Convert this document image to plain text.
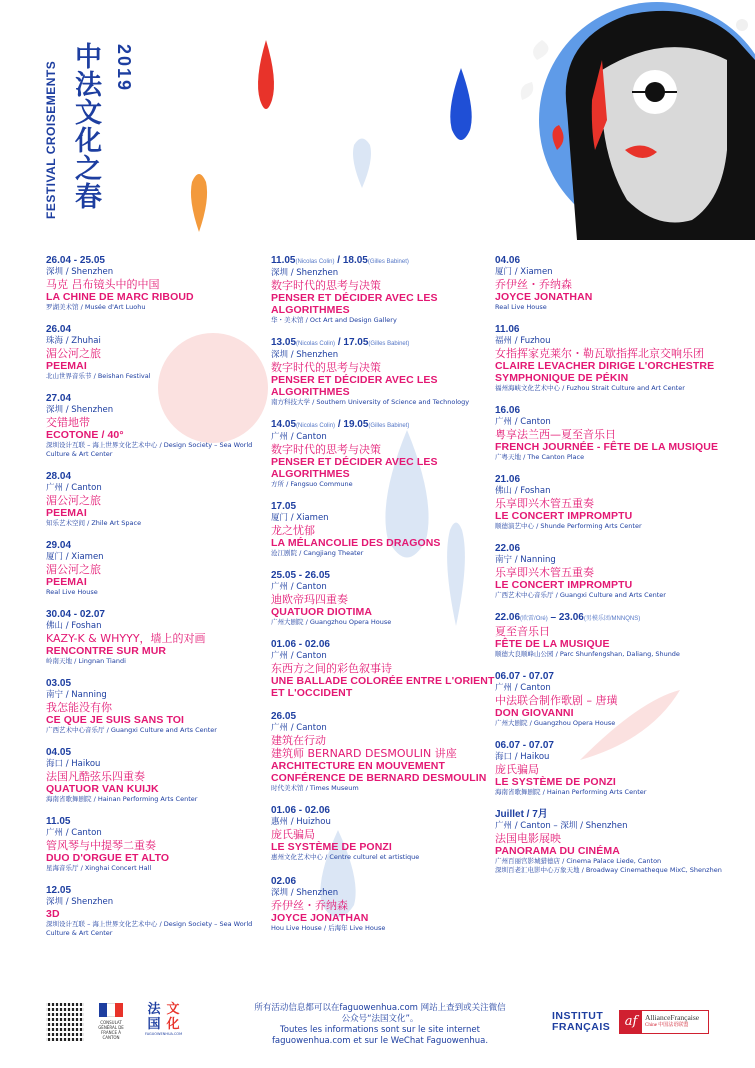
FESTIVAL CROISEMENTS 中法文化之春 2019
26.04 - 25.05
深圳 / Shenzhen
马克 吕布镜头中的中国
LA CHINE DE MARC RIBOUD
罗湖美术馆 / Musée d'Art Luohu
26.04
珠海 / Zhuhai
湄公河之旅
PEEMAI
北山世界音乐节 / Beishan Festival
27.04
深圳 / Shenzhen
交错地带
ECOTONE / 40°
深圳设计互联 – 海上世界文化艺术中心 / Design Society – Sea World Culture & Art Center
28.04
广州 / Canton
湄公河之旅
PEEMAI
知乐艺术空间 / Zhile Art Space
29.04
厦门 / Xiamen
湄公河之旅
PEEMAI
Real Live House
30.04 - 02.07
佛山 / Foshan
KAZY-K & WHYYY，墙上的对画
RENCONTRE SUR MUR
岭南天地 / Lingnan Tiandi
03.05
南宁 / Nanning
我怎能没有你
CE QUE JE SUIS SANS TOI
广西艺术中心音乐厅 / Guangxi Culture and Arts Center
04.05
海口 / Haikou
法国凡酷弦乐四重奏
QUATUOR VAN KUIJK
海南省歌舞剧院 / Hainan Performing Arts Center
11.05
广州 / Canton
管风琴与中提琴二重奏
DUO D'ORGUE ET ALTO
星海音乐厅 / Xinghai Concert Hall
12.05
深圳 / Shenzhen
3D
深圳设计互联 – 海上世界文化艺术中心 / Design Society – Sea World Culture & Art Center
11.05(Nicolas Colin) / 18.05(Gilles Babinet)
深圳 / Shenzhen
数字时代的思考与决策
PENSER ET DÉCIDER AVEC LES ALGORITHMES
华・美术馆 / Oct Art and Design Gallery
13.05(Nicolas Colin) / 17.05(Gilles Babinet)
深圳 / Shenzhen
数字时代的思考与决策
PENSER ET DÉCIDER AVEC LES ALGORITHMES
南方科技大学 / Southern University of Science and Technology
14.05(Nicolas Colin) / 19.05(Gilles Babinet)
广州 / Canton
数字时代的思考与决策
PENSER ET DÉCIDER AVEC LES ALGORITHMES
方所 / Fangsuo Commune
17.05
厦门 / Xiamen
龙之忧郁
LA MÉLANCOLIE DES DRAGONS
沧江剧院 / Cangjiang Theater
25.05 - 26.05
广州 / Canton
迪欧帝玛四重奏
QUATUOR DIOTIMA
广州大剧院 / Guangzhou Opera House
01.06 - 02.06
广州 / Canton
东西方之间的彩色叙事诗
UNE BALLADE COLORÉE ENTRE L'ORIENT ET L'OCCIDENT
26.05
广州 / Canton
建筑在行动
建筑师 BERNARD DESMOULIN 讲座
ARCHITECTURE EN MOUVEMENT
CONFÉRENCE DE BERNARD DESMOULIN
时代美术馆 / Times Museum
01.06 - 02.06
惠州 / Huizhou
庞氏骗局
LE SYSTÈME DE PONZI
惠州文化艺术中心 / Centre culturel et artistique
02.06
深圳 / Shenzhen
乔伊丝・乔纳森
JOYCE JONATHAN
Hou Live House / 后海年 Live House
04.06
厦门 / Xiamen
乔伊丝・乔纳森
JOYCE JONATHAN
Real Live House
11.06
福州 / Fuzhou
女指挥家克莱尔・勒瓦歇指挥北京交响乐团
CLAIRE LEVACHER DIRIGE L'ORCHESTRE SYMPHONIQUE DE PÉKIN
福州海峡文化艺术中心 / Fuzhou Strait Culture and Art Center
16.06
广州 / Canton
粤享法兰西—夏至音乐日
FRENCH JOURNÉE - FÊTE DE LA MUSIQUE
广粤天地 / The Canton Place
21.06
佛山 / Foshan
乐享即兴木管五重奏
LE CONCERT IMPROMPTU
顺德演艺中心 / Shunde Performing Arts Center
22.06
南宁 / Nanning
乐享即兴木管五重奏
LE CONCERT IMPROMPTU
广西艺术中心音乐厅 / Guangxi Culture and Arts Center
22.06(欧雷/Oré) – 23.06(男模乐团/MNNQNS)
夏至音乐日
FÊTE DE LA MUSIQUE
顺德大良顺峰山公园 / Parc Shunfengshan, Daliang, Shunde
06.07 - 07.07
广州 / Canton
中法联合制作歌剧 – 唐璜
DON GIOVANNI
广州大剧院 / Guangzhou Opera House
06.07 - 07.07
海口 / Haikou
庞氏骗局
LE SYSTÈME DE PONZI
海南省歌舞剧院 / Hainan Performing Arts Center
Juillet / 7月
广州 / Canton – 深圳 / Shenzhen
法国电影展映
PANORAMA DU CINÉMA
广州百丽宫影城猎德店 / Cinema Palace Liede, Canton
深圳百老汇电影中心万象天地 / Broadway Cinematheque MixC, Shenzhen
CONSULAT GÉNÉRAL DE FRANCE À CANTON
法 文
国 化
FAGUOWENHUA.COM
所有活动信息都可以在faguowenhua.com 网站上查到或关注微信
公众号“法国文化”。
Toutes les informations sont sur le site internet
faguowenhua.com et sur le WeChat Faguowenhua.
INSTITUT
FRANÇAIS	af	AllianceFrançaise
Chine 中国法语联盟
